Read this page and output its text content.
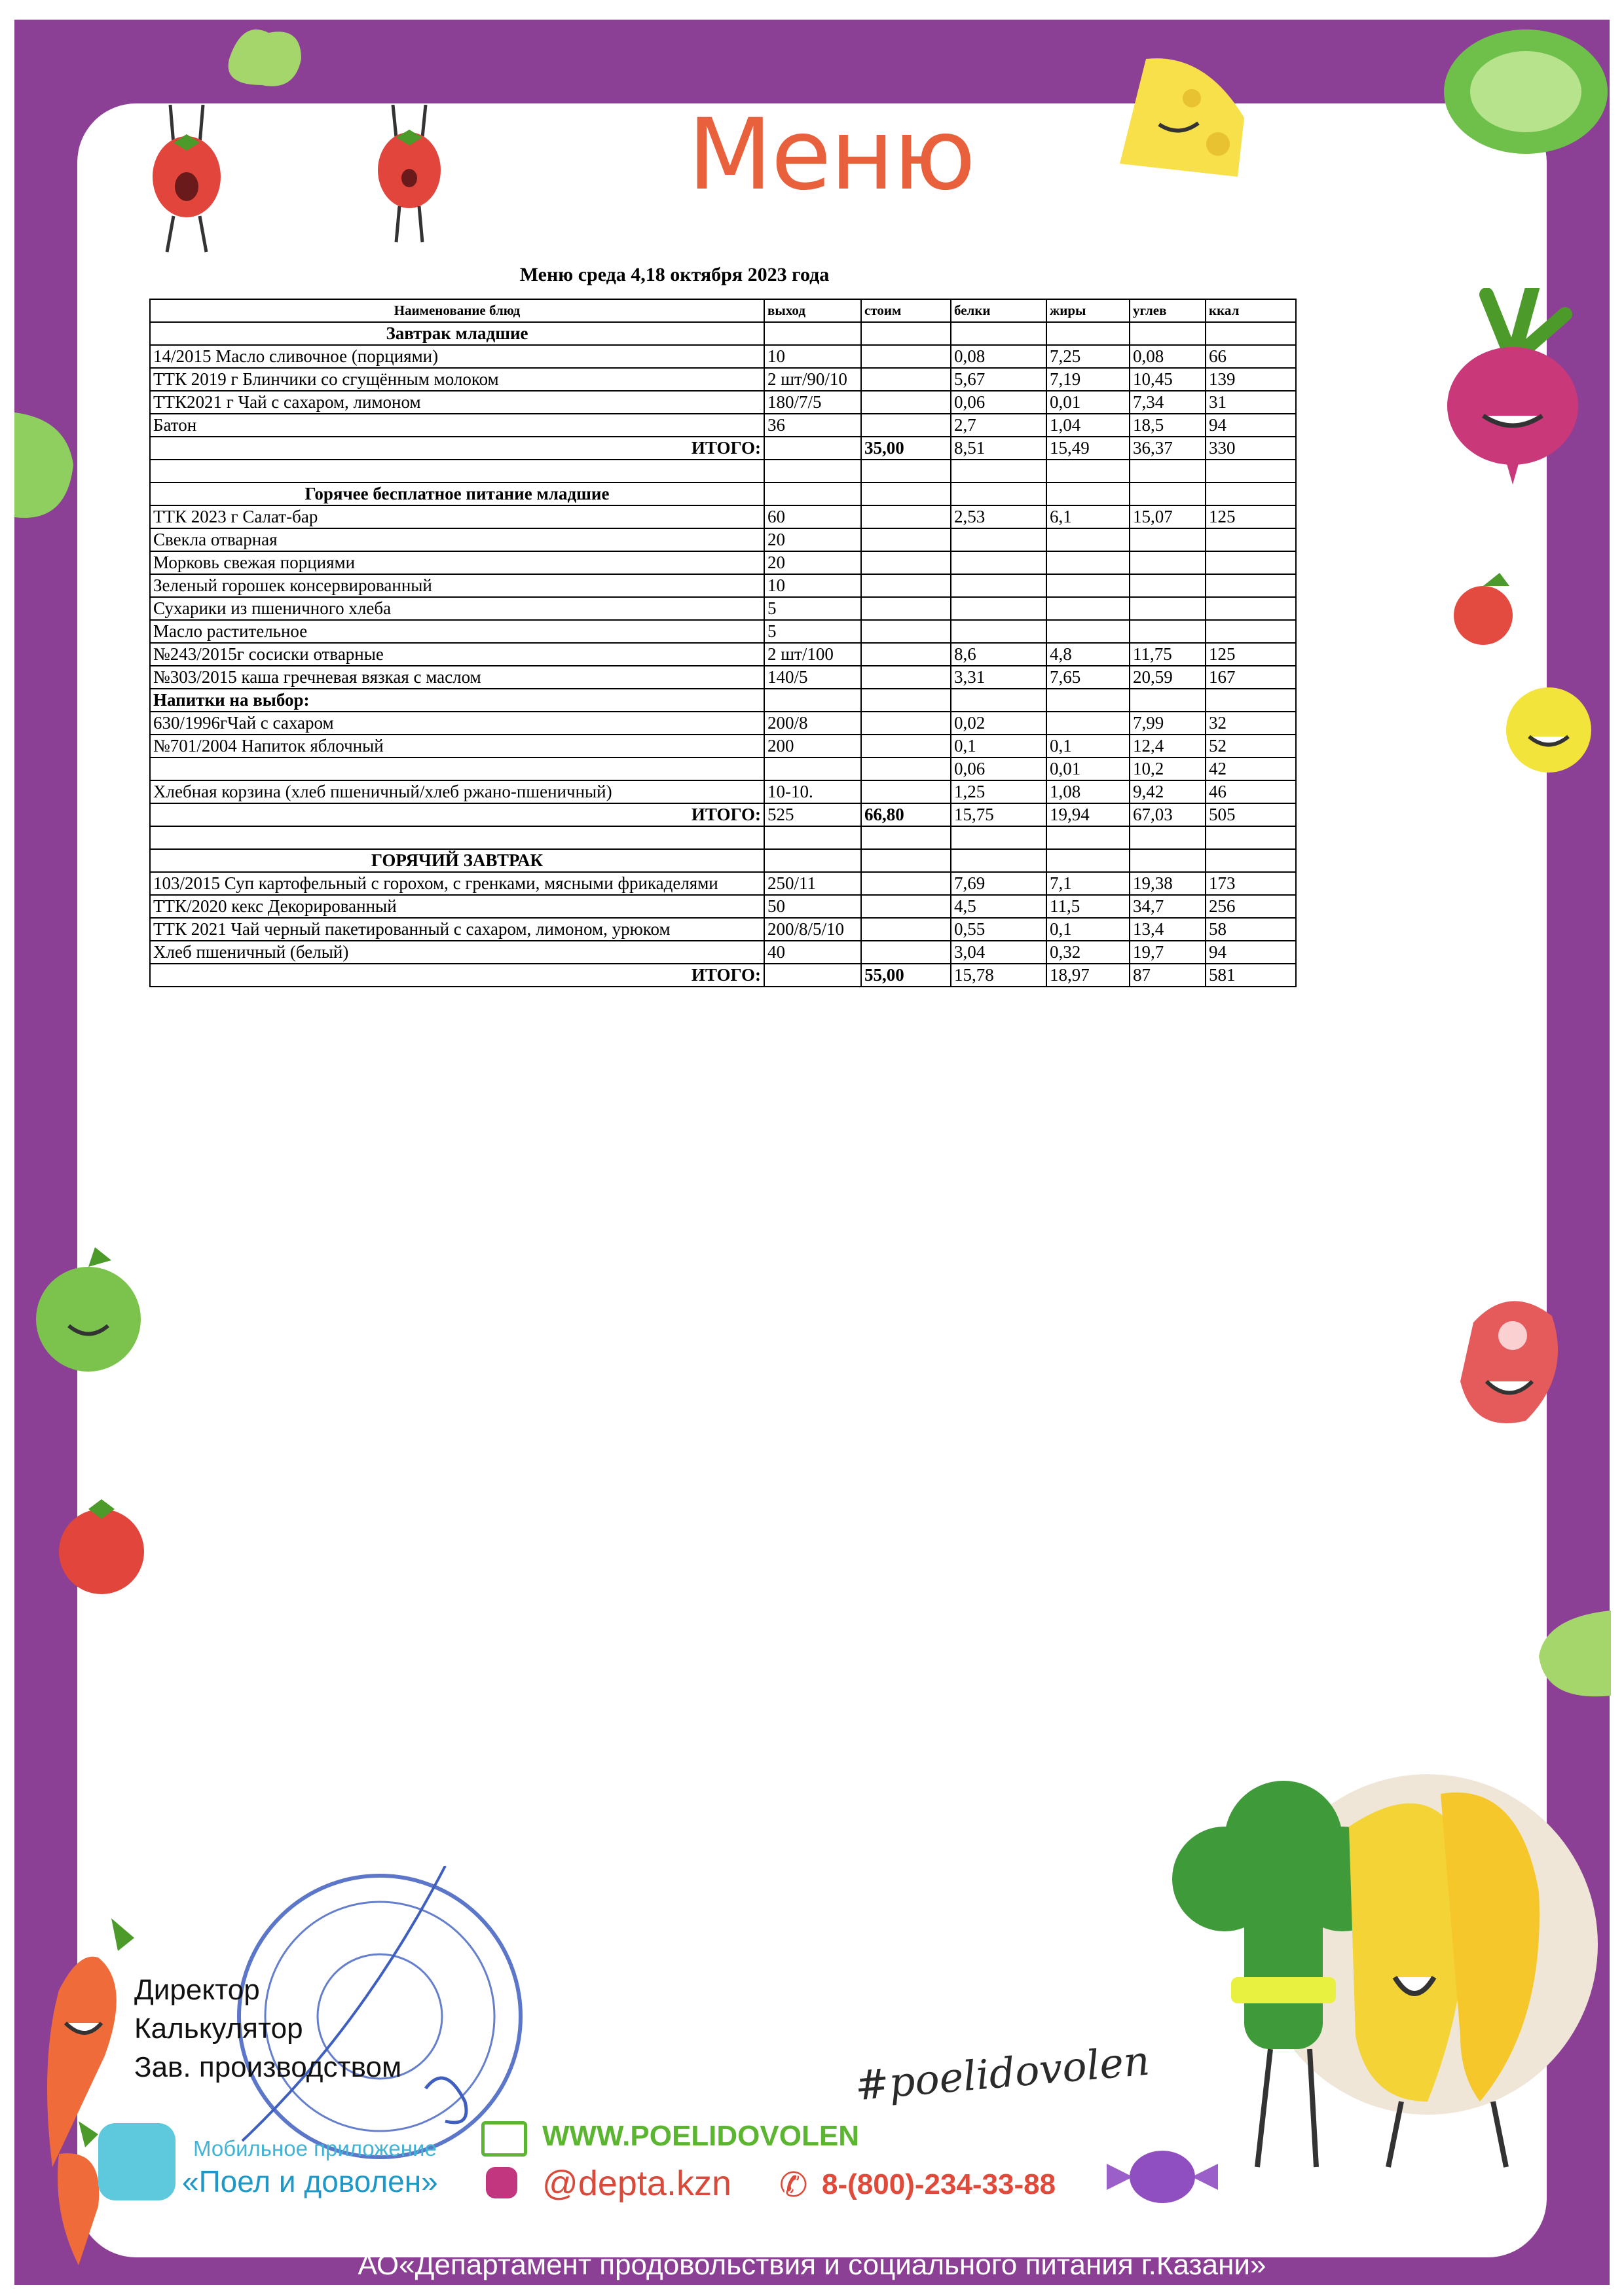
Меню
Меню среда 4,18 октября 2023 года
Наименование блюд	выход	стоим	белки	жиры	углев	ккал
Завтрак младшие						
14/2015 Масло сливочное (порциями)	10		0,08	7,25	0,08	66
ТТК 2019 г Блинчики со сгущённым молоком	2 шт/90/10		5,67	7,19	10,45	139
ТТК2021 г Чай с сахаром, лимоном	180/7/5		0,06	0,01	7,34	31
Батон	36		2,7	1,04	18,5	94
ИТОГО:		35,00	8,51	15,49	36,37	330

Горячее бесплатное питание младшие						
ТТК 2023 г Салат-бар	60		2,53	6,1	15,07	125
Свекла отварная	20					
Морковь свежая порциями	20					
Зеленый горошек консервированный	10					
Сухарики из пшеничного хлеба	5					
Масло растительное	5					
№243/2015г сосиски отварные	2 шт/100		8,6	4,8	11,75	125
№303/2015 каша гречневая вязкая с маслом	140/5		3,31	7,65	20,59	167
Напитки на выбор:						
630/1996гЧай с сахаром	200/8		0,02		7,99	32
№701/2004 Напиток яблочный	200		0,1	0,1	12,4	52
			0,06	0,01	10,2	42
Хлебная корзина (хлеб пшеничный/хлеб ржано-пшеничный)	10-10.		1,25	1,08	9,42	46
ИТОГО:	525	66,80	15,75	19,94	67,03	505

ГОРЯЧИЙ ЗАВТРАК						
103/2015 Суп картофельный с горохом, с гренками, мясными фрикаделями	250/11		7,69	7,1	19,38	173
ТТК/2020 кекс Декорированный	50		4,5	11,5	34,7	256
ТТК 2021 Чай черный пакетированный с сахаром, лимоном, урюком	200/8/5/10		0,55	0,1	13,4	58
Хлеб пшеничный (белый)	40		3,04	0,32	19,7	94
ИТОГО:		55,00	15,78	18,97	87	581
Директор
Калькулятор
Зав. производством	#poelidovolen
Мобильное приложение
«Поел и доволен»
WWW.POELIDOVOLEN
@depta.kzn ✆ 8-(800)-234-33-88
АО«Департамент продовольствия и социального питания г.Казани»
